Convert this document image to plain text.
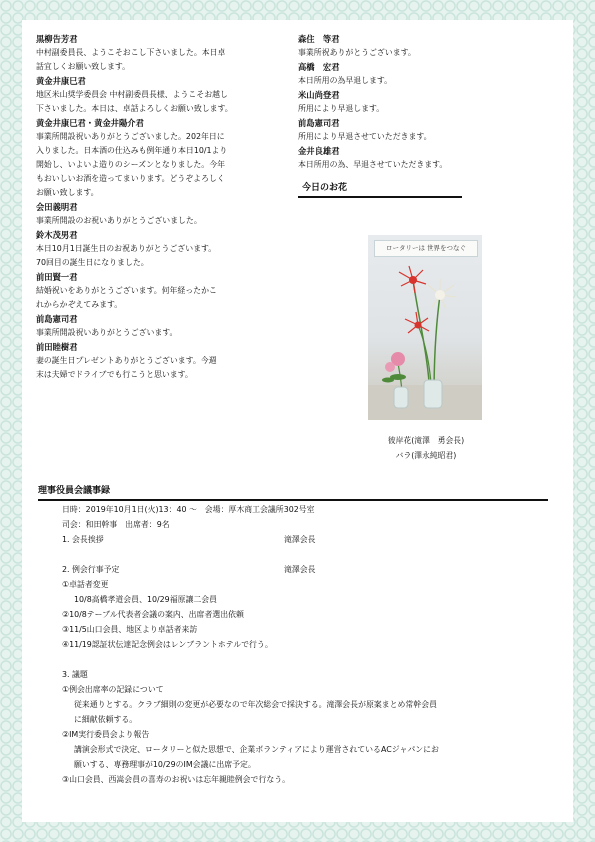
黒柳告芳君
中村副委員長、ようこそおこし下さいました。本日卓
話宜しくお願い致します。
黄金井康巳君
地区米山奨学委員会 中村副委員長様、ようこそお越し
下さいました。本日は、卓話よろしくお願い致します。
黄金井康巳君・黄金井陽介君
事業所開設祝いありがとうございました。202年日に
入りました。日本酒の仕込みも例年通り本日10/1より
開始し、いよいよ造りのシーズンとなりました。今年
もおいしいお酒を造ってまいります。どうぞよろしく
お願い致します。
会田義明君
事業所開設のお祝いありがとうございました。
鈴木茂男君
本日10月1日誕生日のお祝ありがとうございます。
70回目の誕生日になりました。
前田賢一君
結婚祝いをありがとうございます。何年経ったかこ
れからかぞえてみます。
前島憲司君
事業所開設祝いありがとうございます。
前田睦樹君
妻の誕生日プレゼントありがとうございます。今週
末は夫婦でドライブでも行こうと思います。
森住　等君
事業所祝ありがとうございます。
高橋　宏君
本日所用の為早退します。
米山尚登君
所用により早退します。
前島憲司君
所用により早退させていただきます。
金井良雄君
本日所用の為、早退させていただきます。
今日のお花
ロータリーは 世界をつなぐ
彼岸花(滝澤　勇会長)
バラ(澤永純昭君)
理事役員会議事録
日時：2019年10月1日(火)13：40 ～　会場：厚木商工会議所302号室
司会：和田幹事　出席者：9名
1. 会長挨拶	滝澤会長
2. 例会行事予定	滝澤会長
①卓話者変更
10/8高橋孝道会員、10/29福原讓二会員
②10/8テーブル代表者会議の案内、出席者選出依頼
③11/5山口会員、地区より卓話者来訪
④11/19認証状伝達記念例会はレンブラントホテルで行う。
3. 議題
①例会出席率の記録について
従来通りとする。クラブ細則の変更が必要なので年次総会で採決する。滝澤会長が原案まとめ常幹会員
に細献依頼する。
②IM実行委員会より報告
講演会形式で決定、ロータリーと似た思想で、企業ボランティアにより運営されているACジャパンにお
願いする、専務理事が10/29のIM会議に出席予定。
③山口会員、西嵩会員の喜寿のお祝いは忘年親睦例会で行なう。
